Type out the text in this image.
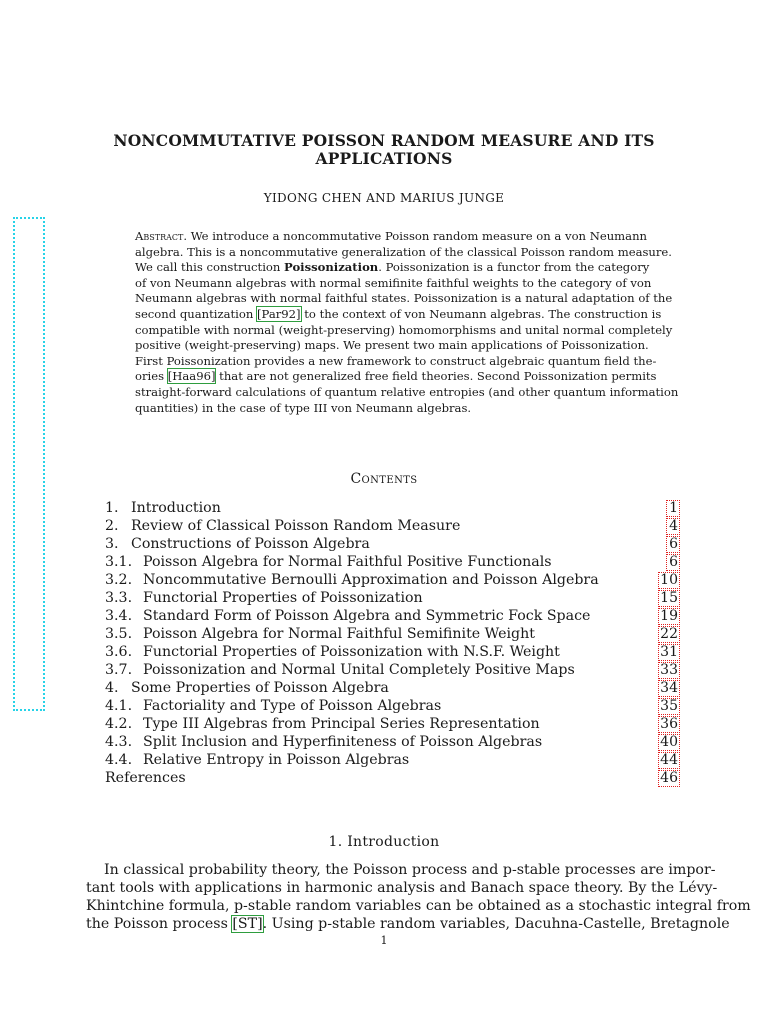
NONCOMMUTATIVE POISSON RANDOM MEASURE AND ITS
APPLICATIONS
YIDONG CHEN AND MARIUS JUNGE
Abstract. We introduce a noncommutative Poisson random measure on a von Neumann
algebra. This is a noncommutative generalization of the classical Poisson random measure.
We call this construction Poissonization. Poissonization is a functor from the category
of von Neumann algebras with normal semifinite faithful weights to the category of von
Neumann algebras with normal faithful states. Poissonization is a natural adaptation of the
second quantization [Par92] to the context of von Neumann algebras. The construction is
compatible with normal (weight-preserving) homomorphisms and unital normal completely
positive (weight-preserving) maps. We present two main applications of Poissonization.
First Poissonization provides a new framework to construct algebraic quantum field the-
ories [Haa96] that are not generalized free field theories. Second Poissonization permits
straight-forward calculations of quantum relative entropies (and other quantum information
quantities) in the case of type III von Neumann algebras.
Contents
1. Introduction	1
2. Review of Classical Poisson Random Measure	4
3. Constructions of Poisson Algebra	6
3.1. Poisson Algebra for Normal Faithful Positive Functionals	6
3.2. Noncommutative Bernoulli Approximation and Poisson Algebra	10
3.3. Functorial Properties of Poissonization	15
3.4. Standard Form of Poisson Algebra and Symmetric Fock Space	19
3.5. Poisson Algebra for Normal Faithful Semifinite Weight	22
3.6. Functorial Properties of Poissonization with N.S.F. Weight	31
3.7. Poissonization and Normal Unital Completely Positive Maps	33
4. Some Properties of Poisson Algebra	34
4.1. Factoriality and Type of Poisson Algebras	35
4.2. Type III Algebras from Principal Series Representation	36
4.3. Split Inclusion and Hyperfiniteness of Poisson Algebras	40
4.4. Relative Entropy in Poisson Algebras	44
References	46
1. Introduction
In classical probability theory, the Poisson process and p-stable processes are impor-
tant tools with applications in harmonic analysis and Banach space theory. By the Lévy-
Khintchine formula, p-stable random variables can be obtained as a stochastic integral from
the Poisson process [ST]. Using p-stable random variables, Dacuhna-Castelle, Bretagnole
1
